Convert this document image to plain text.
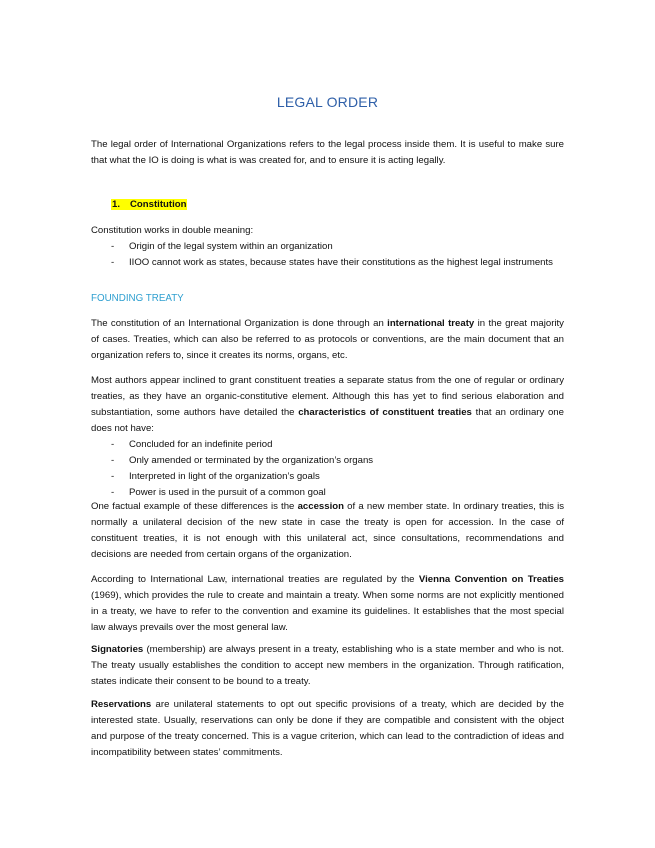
LEGAL ORDER

The legal order of International Organizations refers to the legal process inside them. It is useful to make sure that what the IO is doing is what is was created for, and to ensure it is acting legally.

1. Constitution

Constitution works in double meaning:

- Origin of the legal system within an organization
- IIOO cannot work as states, because states have their constitutions as the highest legal instruments
FOUNDING TREATY

The constitution of an International Organization is done through an international treaty in the great majority of cases. Treaties, which can also be referred to as protocols or conventions, are the main document that an organization refers to, since it creates its norms, organs, etc.

Most authors appear inclined to grant constituent treaties a separate status from the one of regular or ordinary treaties, as they have an organic-constitutive element. Although this has yet to find serious elaboration and substantiation, some authors have detailed the characteristics of constituent treaties that an ordinary one does not have:

- Concluded for an indefinite period
- Only amended or terminated by the organization’s organs
- Interpreted in light of the organization’s goals
- Power is used in the pursuit of a common goal

One factual example of these differences is the accession of a new member state. In ordinary treaties, this is normally a unilateral decision of the new state in case the treaty is open for accession. In the case of constituent treaties, it is not enough with this unilateral act, since consultations, recommendations and decisions are needed from certain organs of the organization.

According to International Law, international treaties are regulated by the Vienna Convention on Treaties (1969), which provides the rule to create and maintain a treaty. When some norms are not explicitly mentioned in a treaty, we have to refer to the convention and examine its guidelines. It establishes that the most special law always prevails over the most general law.

Signatories (membership) are always present in a treaty, establishing who is a state member and who is not. The treaty usually establishes the condition to accept new members in the organization. Through ratification, states indicate their consent to be bound to a treaty.

Reservations are unilateral statements to opt out specific provisions of a treaty, which are decided by the interested state. Usually, reservations can only be done if they are compatible and consistent with the object and purpose of the treaty concerned. This is a vague criterion, which can lead to the contradiction of ideas and incompatibility between states’ commitments.
